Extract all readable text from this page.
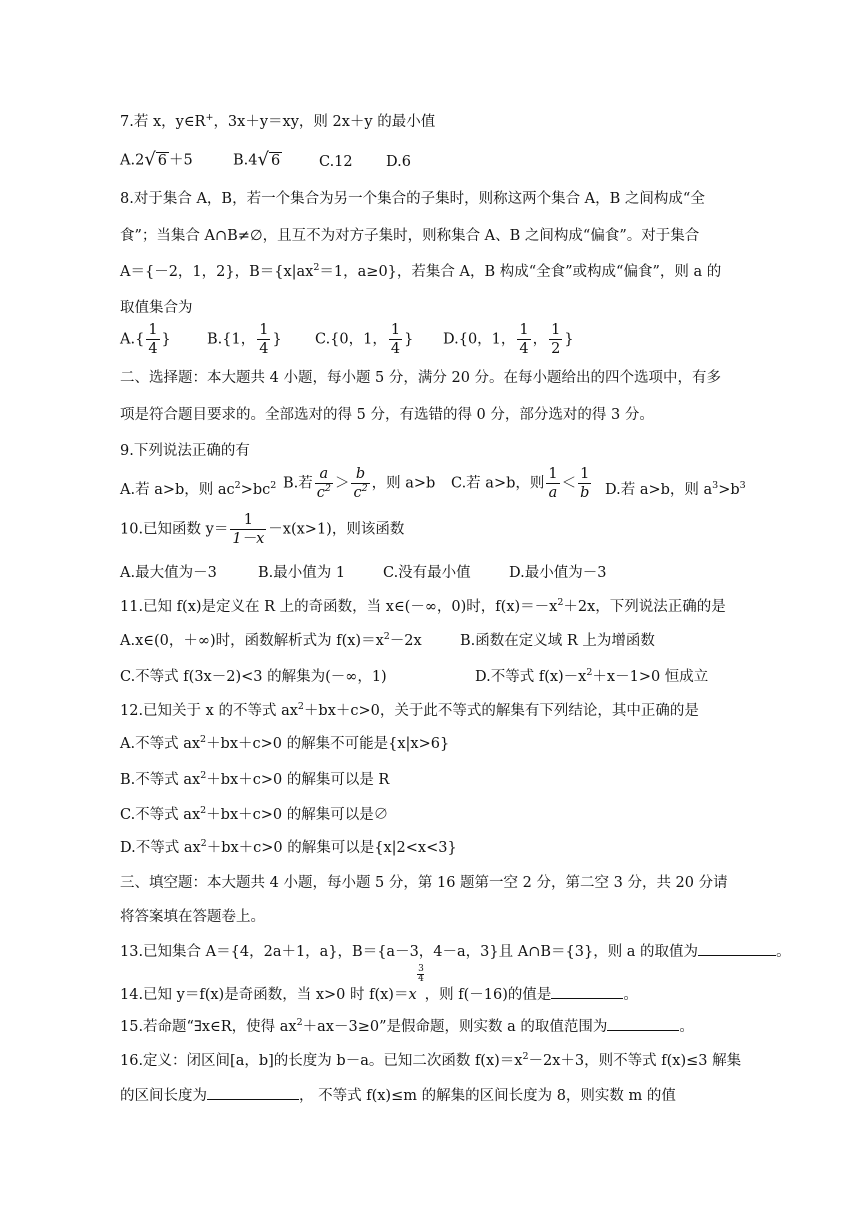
7.若 x，y∈R+，3x＋y＝xy，则 2x＋y 的最小值
A.2√ 6 ＋5	B.4√ 6	C.12 D.6
8.对于集合 A，B，若一个集合为另一个集合的子集时，则称这两个集合 A，B 之间构成“全
食”；当集合 A∩B≠∅，且互不为对方子集时，则称集合 A、B 之间构成“偏食”。对于集合
A＝{－2，1，2}，$B=\{x|ax^2=1$，a≥0}，若集合 A，B 构成“全食”或构成“偏食”，则 a 的
取值集合为
$A.\{ \frac{1}{4}$ } B.{1， $\frac{1}{4}$ } C.{0，1， $\frac{1}{4}$ } D.{0，1， $\frac{1}{4}$ ， $\frac{1}{2}$ }
二、选择题：本大题共 4 小题，每小题 5 分，满分 20 分。在每小题给出的四个选项中，有多
项是符合题目要求的。全部选对的得 5 分，有选错的得 0 分，部分选对的得 3 分。
9.下列说法正确的有
A.若 a>b，则 $ac^2>bc^2$ B.若 $\frac{a}{c^2} > \frac{b}{c^2}$ ，则 a>b C.若 a>b，则 $\frac{1}{a} < \frac{1}{b} D$.若 a>b，则 $a^3>b^3$
10.已知函数 $y= \frac{1}{1-x} -x(x>1)$，则该函数
A.最大值为－3	B.最小值为 1	C.没有最小值	D.最小值为－3
11.已知 f(x)是定义在 R 上的奇函数，当 x∈(－∞，0)时，$f(x)=-x^2+2x$，下列说法正确的是
A.x∈(0，＋∞)时，函数解析式为 $f(x)=x^2-2x$	B.函数在定义域 R 上为增函数
C.不等式 f(3x－2)<3 的解集为(－∞，1)	D.不等式 $f(x)-x^2+x-1>0$ 恒成立
12.已知关于 x 的不等式 $ax^2+bx+c>0$，关于此不等式的解集有下列结论，其中正确的是
A.不等式 $ax^2+bx+c>0$ 的解集不可能是{x|x>6}
B.不等式 $ax^2+bx+c>0$ 的解集可以是 R
C.不等式 $ax^2+bx+c>0$ 的解集可以是∅
D.不等式 $ax^2+bx+c>0$ 的解集可以是{x|2<x<3}
三、填空题：本大题共 4 小题，每小题 5 分，第 16 题第一空 2 分，第二空 3 分，共 20 分请
将答案填在答题卷上。
13.已知集合 A＝{4，2a＋1，a}，B＝{a－3，4－a，3}且 A∩B＝{3}，则 a 的取值为	。
14.已知 y＝f(x)是奇函数，当 x>0 时 f(x)＝x
3
4
，则 f(－16)的值是	。
15.若命题“∃x∈R，使得 $ax^2+ax-3\ge 0$”是假命题，则实数 a 的取值范围为	。
16.定义：闭区间[a，b]的长度为 b－a。已知二次函数 $f(x)=x^2-2x+3$，则不等式 f(x)≤3 解集
的区间长度为	， 不等式 f(x)≤m 的解集的区间长度为 8，则实数 m 的值
